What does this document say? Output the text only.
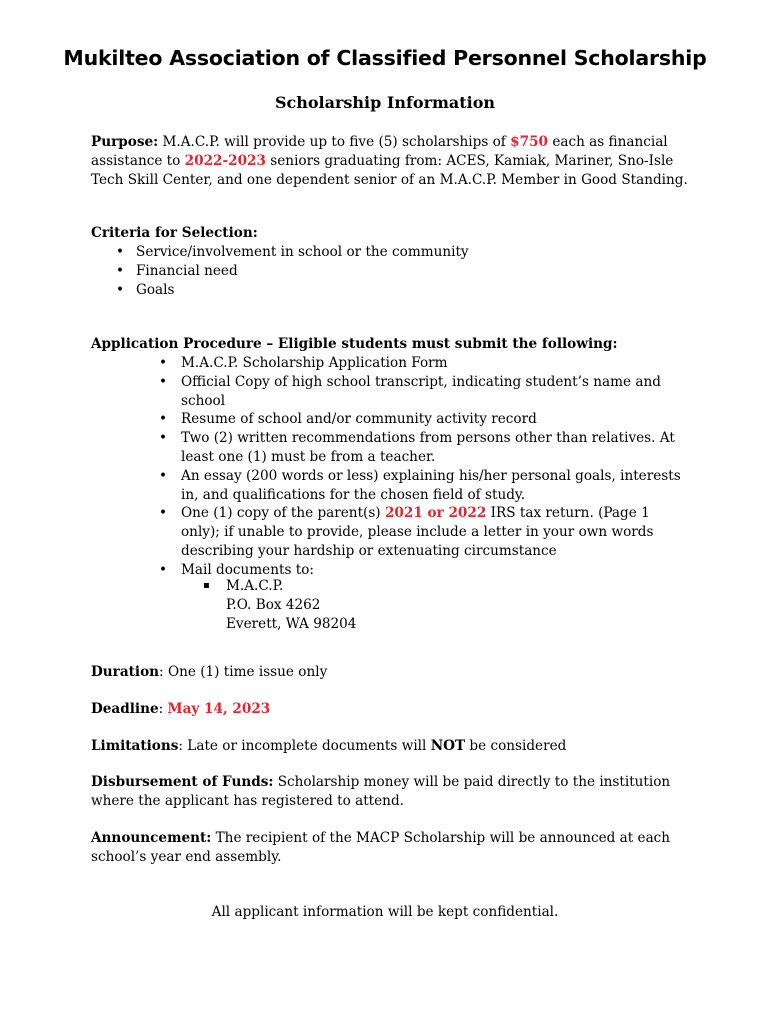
Mukilteo Association of Classified Personnel Scholarship
Scholarship Information
Purpose: M.A.C.P. will provide up to five (5) scholarships of $750 each as financial assistance to 2022-2023 seniors graduating from: ACES, Kamiak, Mariner, Sno-Isle Tech Skill Center, and one dependent senior of an M.A.C.P. Member in Good Standing.
Criteria for Selection:
• Service/involvement in school or the community
• Financial need
• Goals
Application Procedure – Eligible students must submit the following:
• M.A.C.P. Scholarship Application Form
• Official Copy of high school transcript, indicating student’s name and school
• Resume of school and/or community activity record
• Two (2) written recommendations from persons other than relatives. At least one (1) must be from a teacher.
• An essay (200 words or less) explaining his/her personal goals, interests in, and qualifications for the chosen field of study.
• One (1) copy of the parent(s) 2021 or 2022 IRS tax return. (Page 1 only); if unable to provide, please include a letter in your own words describing your hardship or extenuating circumstance
• Mail documents to:
▪ M.A.C.P.
P.O. Box 4262
Everett, WA 98204
Duration: One (1) time issue only
Deadline: May 14, 2023
Limitations: Late or incomplete documents will NOT be considered
Disbursement of Funds: Scholarship money will be paid directly to the institution where the applicant has registered to attend.
Announcement: The recipient of the MACP Scholarship will be announced at each school’s year end assembly.
All applicant information will be kept confidential.
